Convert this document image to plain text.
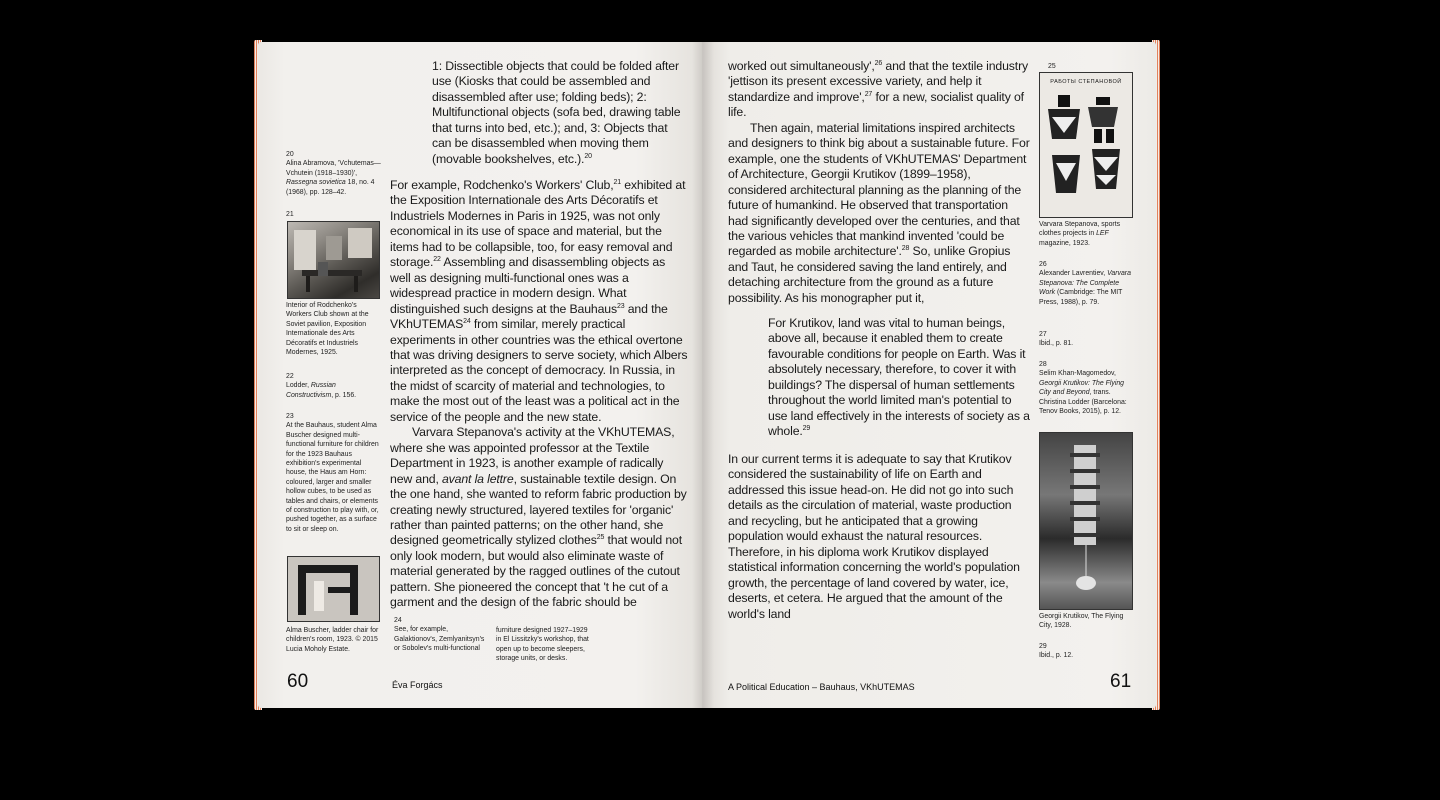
1: Dissectible objects that could be folded after use (Kiosks that could be assembled and disassembled after use; folding beds); 2: Multifunctional objects (sofa bed, drawing table that turns into bed, etc.); and, 3: Objects that can be disassembled when moving them (movable bookshelves, etc.).$^{20}$

For example, Rodchenko's Workers' Club,$^{21}$ exhibited at the Exposition Internationale des Arts Décoratifs et Industriels Modernes in Paris in 1925, was not only economical in its use of space and material, but the items had to be collapsible, too, for easy removal and storage.$^{22}$ Assembling and disassembling objects as well as designing multi-functional ones was a widespread practice in modern design. What distinguished such designs at the Bauhaus$^{23}$ and the VKhUTEMAS$^{24}$ from similar, merely practical experiments in other countries was the ethical overtone that was driving designers to serve society, which Albers interpreted as the concept of democracy. In Russia, in the midst of scarcity of material and technologies, to make the most out of the least was a political act in the service of the people and the new state.

Varvara Stepanova's activity at the VKhUTEMAS, where she was appointed professor at the Textile Department in 1923, is another example of radically new and, avant la lettre, sustainable textile design. On the one hand, she wanted to reform fabric production by creating newly structured, layered textiles for 'organic' rather than painted patterns; on the other hand, she designed geometrically stylized clothes$^{25}$ that would not only look modern, but would also eliminate waste of material generated by the ragged outlines of the cutout pattern. She pioneered the concept that 't he cut of a garment and the design of the fabric should be

20

Alina Abramova, 'Vchutemas—Vchutein (1918–1930)', Rassegna sovietica 18, no. 4 (1968), pp. 128–42.

21

Interior of Rodchenko's Workers Club shown at the Soviet pavilion, Exposition Internationale des Arts Décoratifs et Industriels Modernes, 1925.

22

Lodder, Russian Constructivism, p. 156.

23

At the Bauhaus, student Alma Buscher designed multi-functional furniture for children for the 1923 Bauhaus exhibition's experimental house, the Haus am Horn: coloured, larger and smaller hollow cubes, to be used as tables and chairs, or elements of construction to play with, or, pushed together, as a surface to sit or sleep on.

Alma Buscher, ladder chair for children's room, 1923. © 2015 Lucia Moholy Estate.

24

See, for example, Galaktionov's, Zemlyanitsyn's or Sobolev's multi-functional

furniture designed 1927–1929 in El Lissitzky's workshop, that open up to become sleepers, storage units, or desks.

60	Éva Forgács

worked out simultaneously',$^{26}$ and that the textile industry 'jettison its present excessive variety, and help it standardize and improve',$^{27}$ for a new, socialist quality of life.

Then again, material limitations inspired architects and designers to think big about a sustainable future. For example, one the students of VKhUTEMAS' Department of Architecture, Georgii Krutikov (1899–1958), considered architectural planning as the planning of the future of humankind. He observed that transportation had significantly developed over the centuries, and that the various vehicles that mankind invented 'could be regarded as mobile architecture'.$^{28}$ So, unlike Gropius and Taut, he considered saving the land entirely, and detaching architecture from the ground as a future possibility. As his monographer put it,

For Krutikov, land was vital to human beings, above all, because it enabled them to create favourable conditions for people on Earth. Was it absolutely necessary, therefore, to cover it with buildings? The dispersal of human settlements throughout the world limited man's potential to use land effectively in the interests of society as a whole.$^{29}$

In our current terms it is adequate to say that Krutikov considered the sustainability of life on Earth and addressed this issue head-on. He did not go into such details as the circulation of material, waste production and recycling, but he anticipated that a growing population would exhaust the natural resources. Therefore, in his diploma work Krutikov displayed statistical information concerning the world's population growth, the percentage of land covered by water, ice, deserts, et cetera. He argued that the amount of the world's land

25
РАБОТЫ СТЕПАНОВОЙ

Varvara Stepanova, sports clothes projects in LEF magazine, 1923.

26

Alexander Lavrentiev, Varvara Stepanova: The Complete Work (Cambridge: The MIT Press, 1988), p. 79.

27

Ibid., p. 81.

28

Selim Khan-Magomedov, Georgii Krutikov: The Flying City and Beyond, trans. Christina Lodder (Barcelona: Tenov Books, 2015), p. 12.

Georgii Krutikov, The Flying City, 1928.

29

Ibid., p. 12.

A Political Education – Bauhaus, VKhUTEMAS	61
